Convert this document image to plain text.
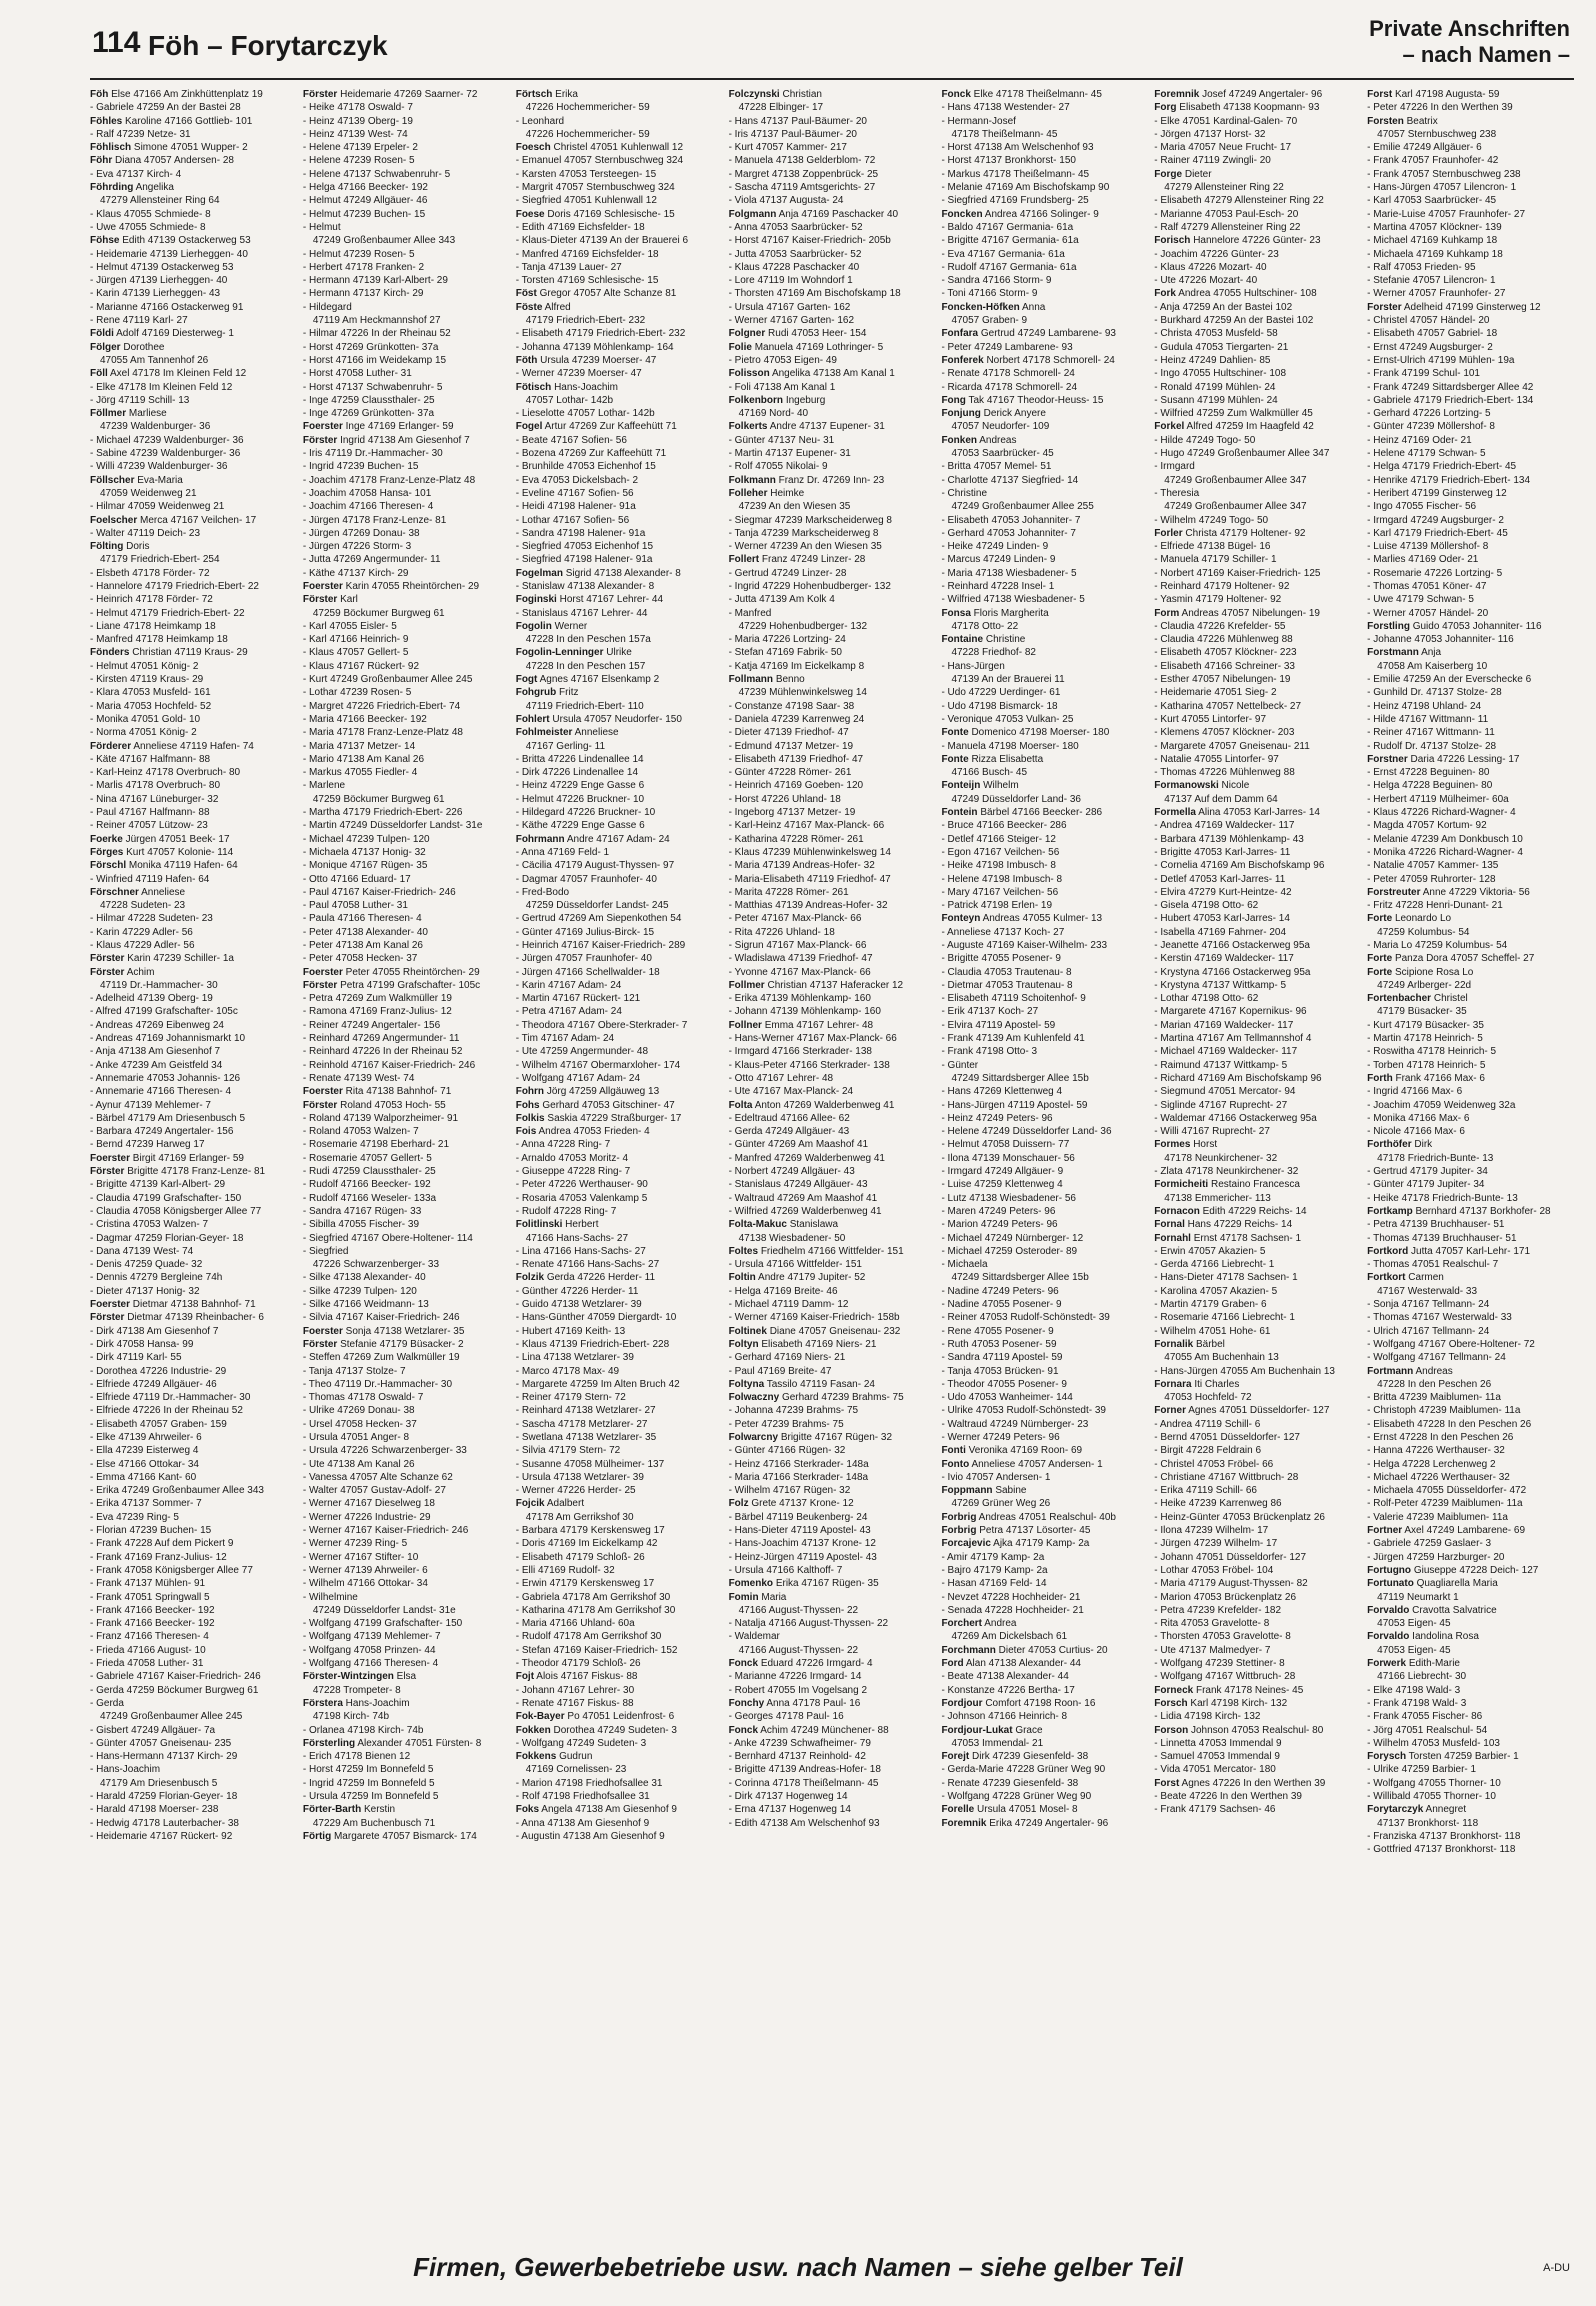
114 Föh – Forytarczyk
Private Anschriften
– nach Namen –
Föh Else 47166 Am Zinkhüttenplatz 19
- Gabriele 47259 An der Bastei 28
Föhles Karoline 47166 Gottlieb- 101
- Ralf 47239 Netze- 31
Föhlisch Simone 47051 Wupper- 2
Föhr Diana 47057 Andersen- 28
- Eva 47137 Kirch- 4
Föhrding Angelika
47279 Allensteiner Ring 64
- Klaus 47055 Schmiede- 8
- Uwe 47055 Schmiede- 8
Föhse Edith 47139 Ostackerweg 53
- Heidemarie 47139 Lierheggen- 40
- Helmut 47139 Ostackerweg 53
- Jürgen 47139 Lierheggen- 40
- Karin 47139 Lierheggen- 43
- Marianne 47166 Ostackerweg 91
- Rene 47119 Karl- 27
Földi Adolf 47169 Diesterweg- 1
Fölger Dorothee
47055 Am Tannenhof 26
Föll Axel 47178 Im Kleinen Feld 12
- Elke 47178 Im Kleinen Feld 12
- Jörg 47119 Schill- 13
Föllmer Marliese
47239 Waldenburger- 36
- Michael 47239 Waldenburger- 36
- Sabine 47239 Waldenburger- 36
- Willi 47239 Waldenburger- 36
Föllscher Eva-Maria
47059 Weidenweg 21
- Hilmar 47059 Weidenweg 21
Foelscher Merca 47167 Veilchen- 17
- Walter 47119 Deich- 23
Fölting Doris
47179 Friedrich-Ebert- 254
- Elsbeth 47178 Förder- 72
- Hannelore 47179 Friedrich-Ebert- 22
- Heinrich 47178 Förder- 72
- Helmut 47179 Friedrich-Ebert- 22
- Liane 47178 Heimkamp 18
- Manfred 47178 Heimkamp 18
Fönders Christian 47119 Kraus- 29
- Helmut 47051 König- 2
- Kirsten 47119 Kraus- 29
- Klara 47053 Musfeld- 161
- Maria 47053 Hochfeld- 52
- Monika 47051 Gold- 10
- Norma 47051 König- 2
Förderer Anneliese 47119 Hafen- 74
- Käte 47167 Halfmann- 88
- Karl-Heinz 47178 Overbruch- 80
- Marlis 47178 Overbruch- 80
- Nina 47167 Lüneburger- 32
- Paul 47167 Halfmann- 88
- Reiner 47057 Lützow- 23
Foerke Jürgen 47051 Beek- 17
Förges Kurt 47057 Kolonie- 114
Förschl Monika 47119 Hafen- 64
- Winfried 47119 Hafen- 64
Förschner Anneliese
47228 Sudeten- 23
- Hilmar 47228 Sudeten- 23
- Karin 47229 Adler- 56
- Klaus 47229 Adler- 56
Förster Karin 47239 Schiller- 1a
Förster Achim
47119 Dr.-Hammacher- 30
- Adelheid 47139 Oberg- 19
- Alfred 47199 Grafschafter- 105c
- Andreas 47269 Eibenweg 24
- Andreas 47169 Johannismarkt 10
- Anja 47138 Am Giesenhof 7
- Anke 47239 Am Geistfeld 34
- Annemarie 47053 Johannis- 126
- Annemarie 47166 Theresen- 4
- Aynur 47139 Mehlemer- 7
- Bärbel 47179 Am Driesenbusch 5
- Barbara 47249 Angertaler- 156
- Bernd 47239 Harweg 17
Foerster Birgit 47169 Erlanger- 59
Förster Brigitte 47178 Franz-Lenze- 81
- Brigitte 47139 Karl-Albert- 29
- Claudia 47199 Grafschafter- 150
- Claudia 47058 Königsberger Allee 77
- Cristina 47053 Walzen- 7
- Dagmar 47259 Florian-Geyer- 18
- Dana 47139 West- 74
- Denis 47259 Quade- 32
- Dennis 47279 Bergleine 74h
- Dieter 47137 Honig- 32
Foerster Dietmar 47138 Bahnhof- 71
Förster Dietmar 47139 Rheinbacher- 6
- Dirk 47138 Am Giesenhof 7
- Dirk 47058 Hansa- 99
- Dirk 47119 Karl- 55
- Dorothea 47226 Industrie- 29
- Elfriede 47249 Allgäuer- 46
- Elfriede 47119 Dr.-Hammacher- 30
- Elfriede 47226 In der Rheinau 52
- Elisabeth 47057 Graben- 159
- Elke 47139 Ahrweiler- 6
- Ella 47239 Eisterweg 4
- Else 47166 Ottokar- 34
- Emma 47166 Kant- 60
- Erika 47249 Großenbaumer Allee 343
- Erika 47137 Sommer- 7
- Eva 47239 Ring- 5
- Florian 47239 Buchen- 15
- Frank 47228 Auf dem Pickert 9
- Frank 47169 Franz-Julius- 12
- Frank 47058 Königsberger Allee 77
- Frank 47137 Mühlen- 91
- Frank 47051 Springwall 5
- Frank 47166 Beecker- 192
- Frank 47166 Beecker- 192
- Franz 47166 Theresen- 4
- Frieda 47166 August- 10
- Frieda 47058 Luther- 31
- Gabriele 47167 Kaiser-Friedrich- 246
- Gerda 47259 Böckumer Burgweg 61
- Gerda
47249 Großenbaumer Allee 245
- Gisbert 47249 Allgäuer- 7a
- Günter 47057 Gneisenau- 235
- Hans-Hermann 47137 Kirch- 29
- Hans-Joachim
47179 Am Driesenbusch 5
- Harald 47259 Florian-Geyer- 18
- Harald 47198 Moerser- 238
- Hedwig 47178 Lauterbacher- 38
- Heidemarie 47167 Rückert- 92
Förster Heidemarie 47269 Saarner- 72
- Heike 47178 Oswald- 7
- Heinz 47139 Oberg- 19
- Heinz 47139 West- 74
- Helene 47139 Erpeler- 2
- Helene 47239 Rosen- 5
- Helene 47137 Schwabenruhr- 5
- Helga 47166 Beecker- 192
- Helmut 47249 Allgäuer- 46
- Helmut 47239 Buchen- 15
- Helmut
47249 Großenbaumer Allee 343
- Helmut 47239 Rosen- 5
- Herbert 47178 Franken- 2
- Hermann 47139 Karl-Albert- 29
- Hermann 47137 Kirch- 29
- Hildegard
47119 Am Heckmannshof 27
- Hilmar 47226 In der Rheinau 52
- Horst 47269 Grünkotten- 37a
- Horst 47166 im Weidekamp 15
- Horst 47058 Luther- 31
- Horst 47137 Schwabenruhr- 5
- Inge 47259 Claussthaler- 25
- Inge 47269 Grünkotten- 37a
Foerster Inge 47169 Erlanger- 59
Förster Ingrid 47138 Am Giesenhof 7
- Iris 47119 Dr.-Hammacher- 30
- Ingrid 47239 Buchen- 15
- Joachim 47178 Franz-Lenze-Platz 48
- Joachim 47058 Hansa- 101
- Joachim 47166 Theresen- 4
- Jürgen 47178 Franz-Lenze- 81
- Jürgen 47269 Donau- 38
- Jürgen 47226 Storm- 3
- Jutta 47269 Angermunder- 11
- Käthe 47137 Kirch- 29
Foerster Karin 47055 Rheintörchen- 29
Förster Karl
47259 Böckumer Burgweg 61
- Karl 47055 Eisler- 5
- Karl 47166 Heinrich- 9
- Klaus 47057 Gellert- 5
- Klaus 47167 Rückert- 92
- Kurt 47249 Großenbaumer Allee 245
- Lothar 47239 Rosen- 5
- Margret 47226 Friedrich-Ebert- 74
- Maria 47166 Beecker- 192
- Maria 47178 Franz-Lenze-Platz 48
- Maria 47137 Metzer- 14
- Mario 47138 Am Kanal 26
- Markus 47055 Fiedler- 4
- Marlene
47259 Böckumer Burgweg 61
- Martha 47179 Friedrich-Ebert- 226
- Martin 47249 Düsseldorfer Landst- 31e
- Michael 47239 Tulpen- 120
- Michaela 47137 Honig- 32
- Monique 47167 Rügen- 35
- Otto 47166 Eduard- 17
- Paul 47167 Kaiser-Friedrich- 246
- Paul 47058 Luther- 31
- Paula 47166 Theresen- 4
- Peter 47138 Alexander- 40
- Peter 47138 Am Kanal 26
- Peter 47058 Hecken- 37
Foerster Peter 47055 Rheintörchen- 29
Förster Petra 47199 Grafschafter- 105c
- Petra 47269 Zum Walkmüller 19
- Ramona 47169 Franz-Julius- 12
- Reiner 47249 Angertaler- 156
- Reinhard 47269 Angermunder- 11
- Reinhard 47226 In der Rheinau 52
- Reinhold 47167 Kaiser-Friedrich- 246
- Renate 47139 West- 74
Foerster Rita 47138 Bahnhof- 71
Förster Roland 47053 Hoch- 55
- Roland 47139 Walporzheimer- 91
- Roland 47053 Walzen- 7
- Rosemarie 47198 Eberhard- 21
- Rosemarie 47057 Gellert- 5
- Rudi 47259 Claussthaler- 25
- Rudolf 47166 Beecker- 192
- Rudolf 47166 Weseler- 133a
- Sandra 47167 Rügen- 33
- Sibilla 47055 Fischer- 39
- Siegfried 47167 Obere-Holtener- 114
- Siegfried
47226 Schwarzenberger- 33
- Silke 47138 Alexander- 40
- Silke 47239 Tulpen- 120
- Silke 47166 Weidmann- 13
- Silvia 47167 Kaiser-Friedrich- 246
Foerster Sonja 47138 Wetzlarer- 35
Förster Stefanie 47179 Büsacker- 2
- Steffen 47269 Zum Walkmüller 19
- Tanja 47137 Stolze- 7
- Theo 47119 Dr.-Hammacher- 30
- Thomas 47178 Oswald- 7
- Ulrike 47269 Donau- 38
- Ursel 47058 Hecken- 37
- Ursula 47051 Anger- 8
- Ursula 47226 Schwarzenberger- 33
- Ute 47138 Am Kanal 26
- Vanessa 47057 Alte Schanze 62
- Walter 47057 Gustav-Adolf- 27
- Werner 47167 Dieselweg 18
- Werner 47226 Industrie- 29
- Werner 47167 Kaiser-Friedrich- 246
- Werner 47239 Ring- 5
- Werner 47167 Stifter- 10
- Werner 47139 Ahrweiler- 6
- Wilhelm 47166 Ottokar- 34
- Wilhelmine
47249 Düsseldorfer Landst- 31e
- Wolfgang 47199 Grafschafter- 150
- Wolfgang 47139 Mehlemer- 7
- Wolfgang 47058 Prinzen- 44
- Wolfgang 47166 Theresen- 4
Förster-Wintzingen Elsa
47228 Trompeter- 8
Förstera Hans-Joachim
47198 Kirch- 74b
- Orlanea 47198 Kirch- 74b
Försterling Alexander 47051 Fürsten- 8
- Erich 47178 Bienen 12
- Horst 47259 Im Bonnefeld 5
- Ingrid 47259 Im Bonnefeld 5
- Ursula 47259 Im Bonnefeld 5
Förter-Barth Kerstin
47229 Am Buchenbusch 71
Förtig Margarete 47057 Bismarck- 174
Förtsch Erika
47226 Hochemmericher- 59
- Leonhard
47226 Hochemmericher- 59
Foesch Christel 47051 Kuhlenwall 12
- Emanuel 47057 Sternbuschweg 324
- Karsten 47053 Tersteegen- 15
- Margrit 47057 Sternbuschweg 324
- Siegfried 47051 Kuhlenwall 12
Foese Doris 47169 Schlesische- 15
- Edith 47169 Eichsfelder- 18
- Klaus-Dieter 47139 An der Brauerei 6
- Manfred 47169 Eichsfelder- 18
- Tanja 47139 Lauer- 27
- Torsten 47169 Schlesische- 15
Föst Gregor 47057 Alte Schanze 81
Föste Alfred
47179 Friedrich-Ebert- 232
- Elisabeth 47179 Friedrich-Ebert- 232
- Johanna 47139 Möhlenkamp- 164
Föth Ursula 47239 Moerser- 47
- Werner 47239 Moerser- 47
Fötisch Hans-Joachim
47057 Lothar- 142b
- Lieselotte 47057 Lothar- 142b
Fogel Artur 47269 Zur Kaffeehütt 71
- Beate 47167 Sofien- 56
- Bozena 47269 Zur Kaffeehütt 71
- Brunhilde 47053 Eichenhof 15
- Eva 47053 Dickelsbach- 2
- Eveline 47167 Sofien- 56
- Heidi 47198 Halener- 91a
- Lothar 47167 Sofien- 56
- Sandra 47198 Halener- 91a
- Siegfried 47053 Eichenhof 15
- Siegfried 47198 Halener- 91a
Fogelman Sigrid 47138 Alexander- 8
- Stanislaw 47138 Alexander- 8
Foginski Horst 47167 Lehrer- 44
- Stanislaus 47167 Lehrer- 44
Fogolin Werner
47228 In den Peschen 157a
Fogolin-Lenninger Ulrike
47228 In den Peschen 157
Fogt Agnes 47167 Elsenkamp 2
Fohgrub Fritz
47119 Friedrich-Ebert- 110
Fohlert Ursula 47057 Neudorfer- 150
Fohlmeister Anneliese
47167 Gerling- 11
- Britta 47226 Lindenallee 14
- Dirk 47226 Lindenallee 14
- Heinz 47229 Enge Gasse 6
- Helmut 47226 Bruckner- 10
- Hildegard 47226 Bruckner- 10
- Käthe 47229 Enge Gasse 6
Fohrmann Andre 47167 Adam- 24
- Anna 47169 Feld- 1
- Cäcilia 47179 August-Thyssen- 97
- Dagmar 47057 Fraunhofer- 40
- Fred-Bodo
47259 Düsseldorfer Landst- 245
- Gertrud 47269 Am Siepenkothen 54
- Günter 47169 Julius-Birck- 15
- Heinrich 47167 Kaiser-Friedrich- 289
- Jürgen 47057 Fraunhofer- 40
- Jürgen 47166 Schellwalder- 18
- Karin 47167 Adam- 24
- Martin 47167 Rückert- 121
- Petra 47167 Adam- 24
- Theodora 47167 Obere-Sterkrader- 7
- Tim 47167 Adam- 24
- Ute 47259 Angermunder- 48
- Wilhelm 47167 Obermarxloher- 174
- Wolfgang 47167 Adam- 24
Fohrn Jörg 47259 Allgäuweg 13
Fohs Gerhard 47053 Gitschiner- 47
Folkis Saskia 47229 Straßburger- 17
Fois Andrea 47053 Frieden- 4
- Anna 47228 Ring- 7
- Arnaldo 47053 Moritz- 4
- Giuseppe 47228 Ring- 7
- Peter 47226 Werthauser- 90
- Rosaria 47053 Valenkamp 5
- Rudolf 47228 Ring- 7
Folitlinski Herbert
47166 Hans-Sachs- 27
- Lina 47166 Hans-Sachs- 27
- Renate 47166 Hans-Sachs- 27
Folzik Gerda 47226 Herder- 11
- Günther 47226 Herder- 11
- Guido 47138 Wetzlarer- 39
- Hans-Günther 47059 Diergardt- 10
- Hubert 47169 Keith- 13
- Klaus 47139 Friedrich-Ebert- 228
- Lina 47138 Wetzlarer- 39
- Marco 47178 Max- 49
- Margarete 47259 Im Alten Bruch 42
- Reiner 47179 Stern- 72
- Reinhard 47138 Wetzlarer- 27
- Sascha 47178 Metzlarer- 27
- Swetlana 47138 Wetzlarer- 35
- Silvia 47179 Stern- 72
- Susanne 47058 Mülheimer- 137
- Ursula 47138 Wetzlarer- 39
- Werner 47226 Herder- 25
Fojcik Adalbert
47178 Am Gerrikshof 30
- Barbara 47179 Kerskensweg 17
- Doris 47169 Im Eickelkamp 42
- Elisabeth 47179 Schloß- 26
- Elli 47169 Rudolf- 32
- Erwin 47179 Kerskensweg 17
- Gabriela 47178 Am Gerrikshof 30
- Katharina 47178 Am Gerrikshof 30
- Maria 47166 Uhland- 60a
- Rudolf 47178 Am Gerrikshof 30
- Stefan 47169 Kaiser-Friedrich- 152
- Theodor 47179 Schloß- 26
Fojt Alois 47167 Fiskus- 88
- Johann 47167 Lehrer- 30
- Renate 47167 Fiskus- 88
Fok-Bayer Po 47051 Leidenfrost- 6
Fokken Dorothea 47249 Sudeten- 3
- Wolfgang 47249 Sudeten- 3
Fokkens Gudrun
47169 Cornelissen- 23
- Marion 47198 Friedhofsallee 31
- Rolf 47198 Friedhofsallee 31
Foks Angela 47138 Am Giesenhof 9
- Anna 47138 Am Giesenhof 9
- Augustin 47138 Am Giesenhof 9
Folczynski Christian
47228 Elbinger- 17
- Hans 47137 Paul-Bäumer- 20
- Iris 47137 Paul-Bäumer- 20
- Kurt 47057 Kammer- 217
- Manuela 47138 Gelderblom- 72
- Margret 47138 Zoppenbrück- 25
- Sascha 47119 Amtsgerichts- 27
- Viola 47137 Augusta- 24
Folgmann Anja 47169 Paschacker 40
- Anna 47053 Saarbrücker- 52
- Horst 47167 Kaiser-Friedrich- 205b
- Jutta 47053 Saarbrücker- 52
- Klaus 47228 Paschacker 40
- Lore 47119 Im Wohndorf 1
- Thorsten 47169 Am Bischofskamp 18
- Ursula 47167 Garten- 162
- Werner 47167 Garten- 162
Folgner Rudi 47053 Heer- 154
Folie Manuela 47169 Lothringer- 5
- Pietro 47053 Eigen- 49
Folisson Angelika 47138 Am Kanal 1
- Foli 47138 Am Kanal 1
Folkenborn Ingeburg
47169 Nord- 40
Folkerts Andre 47137 Eupener- 31
- Günter 47137 Neu- 31
- Martin 47137 Eupener- 31
- Rolf 47055 Nikolai- 9
Folkmann Franz Dr. 47269 Inn- 23
Folleher Heimke
47239 An den Wiesen 35
- Siegmar 47239 Markscheiderweg 8
- Tanja 47239 Markscheiderweg 8
- Werner 47239 An den Wiesen 35
Follert Franz 47249 Linzer- 28
- Gertrud 47249 Linzer- 28
- Ingrid 47229 Hohenbudberger- 132
- Jutta 47139 Am Kolk 4
- Manfred
47229 Hohenbudberger- 132
- Maria 47226 Lortzing- 24
- Stefan 47169 Fabrik- 50
- Katja 47169 Im Eickelkamp 8
Follmann Benno
47239 Mühlenwinkelsweg 14
- Constanze 47198 Saar- 38
- Daniela 47239 Karrenweg 24
- Dieter 47139 Friedhof- 47
- Edmund 47137 Metzer- 19
- Elisabeth 47139 Friedhof- 47
- Günter 47228 Römer- 261
- Heinrich 47169 Goeben- 120
- Horst 47226 Uhland- 18
- Ingeborg 47137 Metzer- 19
- Karl-Heinz 47167 Max-Planck- 66
- Katharina 47228 Römer- 261
- Klaus 47239 Mühlenwinkelsweg 14
- Maria 47139 Andreas-Hofer- 32
- Maria-Elisabeth 47119 Friedhof- 47
- Marita 47228 Römer- 261
- Matthias 47139 Andreas-Hofer- 32
- Peter 47167 Max-Planck- 66
- Rita 47226 Uhland- 18
- Sigrun 47167 Max-Planck- 66
- Wladislawa 47139 Friedhof- 47
- Yvonne 47167 Max-Planck- 66
Follmer Christian 47137 Haferacker 12
- Erika 47139 Möhlenkamp- 160
- Johann 47139 Möhlenkamp- 160
Follner Emma 47167 Lehrer- 48
- Hans-Werner 47167 Max-Planck- 66
- Irmgard 47166 Sterkrader- 138
- Klaus-Peter 47166 Sterkrader- 138
- Otto 47167 Lehrer- 48
- Ute 47167 Max-Planck- 24
Folta Anton 47269 Walderbenweg 41
- Edeltraud 47166 Allee- 62
- Gerda 47249 Allgäuer- 43
- Günter 47269 Am Maashof 41
- Manfred 47269 Walderbenweg 41
- Norbert 47249 Allgäuer- 43
- Stanislaus 47249 Allgäuer- 43
- Waltraud 47269 Am Maashof 41
- Wilfried 47269 Walderbenweg 41
Folta-Makuc Stanislawa
47138 Wiesbadener- 50
Foltes Friedhelm 47166 Wittfelder- 151
- Ursula 47166 Wittfelder- 151
Foltin Andre 47179 Jupiter- 52
- Helga 47169 Breite- 46
- Michael 47119 Damm- 12
- Werner 47169 Kaiser-Friedrich- 158b
Foltinek Diane 47057 Gneisenau- 232
Foltyn Elisabeth 47169 Niers- 21
- Gerhard 47169 Niers- 21
- Paul 47169 Breite- 47
Foltyna Tassilo 47119 Fasan- 24
Folwaczny Gerhard 47239 Brahms- 75
- Johanna 47239 Brahms- 75
- Peter 47239 Brahms- 75
Folwarcny Brigitte 47167 Rügen- 32
- Günter 47166 Rügen- 32
- Heinz 47166 Sterkrader- 148a
- Maria 47166 Sterkrader- 148a
- Wilhelm 47167 Rügen- 32
Folz Grete 47137 Krone- 12
- Bärbel 47119 Beukenberg- 24
- Hans-Dieter 47119 Apostel- 43
- Hans-Joachim 47137 Krone- 12
- Heinz-Jürgen 47119 Apostel- 43
- Ursula 47166 Kalthoff- 7
Fomenko Erika 47167 Rügen- 35
Fomin Maria
47166 August-Thyssen- 22
- Natalja 47166 August-Thyssen- 22
- Waldemar
47166 August-Thyssen- 22
Fonck Eduard 47226 Irmgard- 4
- Marianne 47226 Irmgard- 14
- Robert 47055 Im Vogelsang 2
Fonchy Anna 47178 Paul- 16
- Georges 47178 Paul- 16
Fonck Achim 47249 Münchener- 88
- Anke 47239 Schwafheimer- 79
- Bernhard 47137 Reinhold- 42
- Brigitte 47139 Andreas-Hofer- 18
- Corinna 47178 Theißelmann- 45
- Dirk 47137 Hogenweg 14
- Erna 47137 Hogenweg 14
- Edith 47138 Am Welschenhof 93
Fonck Elke 47178 Theißelmann- 45
- Hans 47138 Westender- 27
- Hermann-Josef
47178 Theißelmann- 45
- Horst 47138 Am Welschenhof 93
- Horst 47137 Bronkhorst- 150
- Markus 47178 Theißelmann- 45
- Melanie 47169 Am Bischofskamp 90
- Siegfried 47169 Frundsberg- 25
Foncken Andrea 47166 Solinger- 9
- Baldo 47167 Germania- 61a
- Brigitte 47167 Germania- 61a
- Eva 47167 Germania- 61a
- Rudolf 47167 Germania- 61a
- Sandra 47166 Storm- 9
- Toni 47166 Storm- 9
Foncken-Höfken Anna
47057 Graben- 9
Fonfara Gertrud 47249 Lambarene- 93
- Peter 47249 Lambarene- 93
Fonferek Norbert 47178 Schmorell- 24
- Renate 47178 Schmorell- 24
- Ricarda 47178 Schmorell- 24
Fong Tak 47167 Theodor-Heuss- 15
Fonjung Derick Anyere
47057 Neudorfer- 109
Fonken Andreas
47053 Saarbrücker- 45
- Britta 47057 Memel- 51
- Charlotte 47137 Siegfried- 14
- Christine
47249 Großenbaumer Allee 255
- Elisabeth 47053 Johanniter- 7
- Gerhard 47053 Johanniter- 7
- Heike 47249 Linden- 9
- Marcus 47249 Linden- 9
- Maria 47138 Wiesbadener- 5
- Reinhard 47228 Insel- 1
- Wilfried 47138 Wiesbadener- 5
Fonsa Floris Margherita
47178 Otto- 22
Fontaine Christine
47228 Friedhof- 82
- Hans-Jürgen
47139 An der Brauerei 11
- Udo 47229 Uerdinger- 61
- Udo 47198 Bismarck- 18
- Veronique 47053 Vulkan- 25
Fonte Domenico 47198 Moerser- 180
- Manuela 47198 Moerser- 180
Fonte Rizza Elisabetta
47166 Busch- 45
Fonteijn Wilhelm
47249 Düsseldorfer Land- 36
Fontein Bärbel 47166 Beecker- 286
- Bruce 47166 Beecker- 286
- Detlef 47166 Steiger- 12
- Egon 47167 Veilchen- 56
- Heike 47198 Imbusch- 8
- Helene 47198 Imbusch- 8
- Mary 47167 Veilchen- 56
- Patrick 47198 Erlen- 19
Fonteyn Andreas 47055 Kulmer- 13
- Anneliese 47137 Koch- 27
- Auguste 47169 Kaiser-Wilhelm- 233
- Brigitte 47055 Posener- 9
- Claudia 47053 Trautenau- 8
- Dietmar 47053 Trautenau- 8
- Elisabeth 47119 Schoitenhof- 9
- Erik 47137 Koch- 27
- Elvira 47119 Apostel- 59
- Frank 47139 Am Kuhlenfeld 41
- Frank 47198 Otto- 3
- Günter
47249 Sittardsberger Allee 15b
- Hans 47269 Klettenweg 4
- Hans-Jürgen 47119 Apostel- 59
- Heinz 47249 Peters- 96
- Helene 47249 Düsseldorfer Land- 36
- Helmut 47058 Duissern- 77
- Ilona 47139 Monschauer- 56
- Irmgard 47249 Allgäuer- 9
- Luise 47259 Klettenweg 4
- Lutz 47138 Wiesbadener- 56
- Maren 47249 Peters- 96
- Marion 47249 Peters- 96
- Michael 47249 Nürnberger- 12
- Michael 47259 Osteroder- 89
- Michaela
47249 Sittardsberger Allee 15b
- Nadine 47249 Peters- 96
- Nadine 47055 Posener- 9
- Reiner 47053 Rudolf-Schönstedt- 39
- Rene 47055 Posener- 9
- Ruth 47053 Posener- 59
- Sandra 47119 Apostel- 59
- Tanja 47053 Brücken- 91
- Theodor 47055 Posener- 9
- Udo 47053 Wanheimer- 144
- Ulrike 47053 Rudolf-Schönstedt- 39
- Waltraud 47249 Nürnberger- 23
- Werner 47249 Peters- 96
Fonti Veronika 47169 Roon- 69
Fonto Anneliese 47057 Andersen- 1
- Ivio 47057 Andersen- 1
Foppmann Sabine
47269 Grüner Weg 26
Forbrig Andreas 47051 Realschul- 40b
Forbrig Petra 47137 Lösorter- 45
Forcajevic Ajka 47179 Kamp- 2a
- Amir 47179 Kamp- 2a
- Bajro 47179 Kamp- 2a
- Hasan 47169 Feld- 14
- Nevzet 47228 Hochheider- 21
- Senada 47228 Hochheider- 21
Forchert Andrea
47269 Am Dickelsbach 61
Forchmann Dieter 47053 Curtius- 20
Ford Alan 47138 Alexander- 44
- Beate 47138 Alexander- 44
- Konstanze 47226 Bertha- 17
Fordjour Comfort 47198 Roon- 16
- Johnson 47166 Heinrich- 8
Fordjour-Lukat Grace
47053 Immendal- 21
Forejt Dirk 47239 Giesenfeld- 38
- Gerda-Marie 47228 Grüner Weg 90
- Renate 47239 Giesenfeld- 38
- Wolfgang 47228 Grüner Weg 90
Forelle Ursula 47051 Mosel- 8
Foremnik Erika 47249 Angertaler- 96
Foremnik Josef 47249 Angertaler- 96
Forg Elisabeth 47138 Koopmann- 93
- Elke 47051 Kardinal-Galen- 70
- Jörgen 47137 Horst- 32
- Maria 47057 Neue Frucht- 17
- Rainer 47119 Zwingli- 20
Forge Dieter
47279 Allensteiner Ring 22
- Elisabeth 47279 Allensteiner Ring 22
- Marianne 47053 Paul-Esch- 20
- Ralf 47279 Allensteiner Ring 22
Forisch Hannelore 47226 Günter- 23
- Joachim 47226 Günter- 23
- Klaus 47226 Mozart- 40
- Ute 47226 Mozart- 40
Fork Andrea 47055 Hultschiner- 108
- Anja 47259 An der Bastei 102
- Burkhard 47259 An der Bastei 102
- Christa 47053 Musfeld- 58
- Gudula 47053 Tiergarten- 21
- Heinz 47249 Dahlien- 85
- Ingo 47055 Hultschiner- 108
- Ronald 47199 Mühlen- 24
- Susann 47199 Mühlen- 24
- Wilfried 47259 Zum Walkmüller 45
Forkel Alfred 47259 Im Haagfeld 42
- Hilde 47249 Togo- 50
- Hugo 47249 Großenbaumer Allee 347
- Irmgard
47249 Großenbaumer Allee 347
- Theresia
47249 Großenbaumer Allee 347
- Wilhelm 47249 Togo- 50
Forler Christa 47179 Holtener- 92
- Elfriede 47138 Bügel- 16
- Manuela 47179 Schiller- 1
- Norbert 47169 Kaiser-Friedrich- 125
- Reinhard 47179 Holtener- 92
- Yasmin 47179 Holtener- 92
Form Andreas 47057 Nibelungen- 19
- Claudia 47226 Krefelder- 55
- Claudia 47226 Mühlenweg 88
- Elisabeth 47057 Klöckner- 223
- Elisabeth 47166 Schreiner- 33
- Esther 47057 Nibelungen- 19
- Heidemarie 47051 Sieg- 2
- Katharina 47057 Nettelbeck- 27
- Kurt 47055 Lintorfer- 97
- Klemens 47057 Klöckner- 203
- Margarete 47057 Gneisenau- 211
- Natalie 47055 Lintorfer- 97
- Thomas 47226 Mühlenweg 88
Formanowski Nicole
47137 Auf dem Damm 64
Formella Alina 47053 Karl-Jarres- 14
- Andrea 47169 Waldecker- 117
- Barbara 47139 Möhlenkamp- 43
- Brigitte 47053 Karl-Jarres- 11
- Cornelia 47169 Am Bischofskamp 96
- Detlef 47053 Karl-Jarres- 11
- Elvira 47279 Kurt-Heintze- 42
- Gisela 47198 Otto- 62
- Hubert 47053 Karl-Jarres- 14
- Isabella 47169 Fahrner- 204
- Jeanette 47166 Ostackerweg 95a
- Kerstin 47169 Waldecker- 117
- Krystyna 47166 Ostackerweg 95a
- Krystyna 47137 Wittkamp- 5
- Lothar 47198 Otto- 62
- Margarete 47167 Kopernikus- 96
- Marian 47169 Waldecker- 117
- Martina 47167 Am Tellmannshof 4
- Michael 47169 Waldecker- 117
- Raimund 47137 Wittkamp- 5
- Richard 47169 Am Bischofskamp 96
- Siegmund 47051 Mercator- 94
- Siglinde 47167 Ruprecht- 27
- Waldemar 47166 Ostackerweg 95a
- Willi 47167 Ruprecht- 27
Formes Horst
47178 Neunkirchener- 32
- Zlata 47178 Neunkirchener- 32
Formicheiti Restaino Francesca
47138 Emmericher- 113
Fornacon Edith 47229 Reichs- 14
Fornal Hans 47229 Reichs- 14
Fornahl Ernst 47178 Sachsen- 1
- Erwin 47057 Akazien- 5
- Gerda 47166 Liebrecht- 1
- Hans-Dieter 47178 Sachsen- 1
- Karolina 47057 Akazien- 5
- Martin 47179 Graben- 6
- Rosemarie 47166 Liebrecht- 1
- Wilhelm 47051 Hohe- 61
Fornalik Bärbel
47055 Am Buchenhain 13
- Hans-Jürgen 47055 Am Buchenhain 13
Fornara Iti Charles
47053 Hochfeld- 72
Forner Agnes 47051 Düsseldorfer- 127
- Andrea 47119 Schill- 6
- Bernd 47051 Düsseldorfer- 127
- Birgit 47228 Feldrain 6
- Christel 47053 Fröbel- 66
- Christiane 47167 Wittbruch- 28
- Erika 47119 Schill- 66
- Heike 47239 Karrenweg 86
- Heinz-Günter 47053 Brückenplatz 26
- Ilona 47239 Wilhelm- 17
- Jürgen 47239 Wilhelm- 17
- Johann 47051 Düsseldorfer- 127
- Lothar 47053 Fröbel- 104
- Maria 47179 August-Thyssen- 82
- Marion 47053 Brückenplatz 26
- Petra 47239 Krefelder- 182
- Rita 47053 Gravelotte- 8
- Thorsten 47053 Gravelotte- 8
- Ute 47137 Malmedyer- 7
- Wolfgang 47239 Stettiner- 8
- Wolfgang 47167 Wittbruch- 28
Forneck Frank 47178 Neines- 45
Forsch Karl 47198 Kirch- 132
- Lidia 47198 Kirch- 132
Forson Johnson 47053 Realschul- 80
- Linnetta 47053 Immendal 9
- Samuel 47053 Immendal 9
- Vida 47051 Mercator- 180
Forst Agnes 47226 In den Werthen 39
- Beate 47226 In den Werthen 39
- Frank 47179 Sachsen- 46
Forst Karl 47198 Augusta- 59
- Peter 47226 In den Werthen 39
Forsten Beatrix
47057 Sternbuschweg 238
- Emilie 47249 Allgäuer- 6
- Frank 47057 Fraunhofer- 42
- Frank 47057 Sternbuschweg 238
- Hans-Jürgen 47057 Lilencron- 1
- Karl 47053 Saarbrücker- 45
- Marie-Luise 47057 Fraunhofer- 27
- Martina 47057 Klöckner- 139
- Michael 47169 Kuhkamp 18
- Michaela 47169 Kuhkamp 18
- Ralf 47053 Frieden- 95
- Stefanie 47057 Lilencron- 1
- Werner 47057 Fraunhofer- 27
Forster Adelheid 47199 Ginsterweg 12
- Christel 47057 Händel- 20
- Elisabeth 47057 Gabriel- 18
- Ernst 47249 Augsburger- 2
- Ernst-Ulrich 47199 Mühlen- 19a
- Frank 47199 Schul- 101
- Frank 47249 Sittardsberger Allee 42
- Gabriele 47179 Friedrich-Ebert- 134
- Gerhard 47226 Lortzing- 5
- Günter 47239 Möllershof- 8
- Heinz 47169 Oder- 21
- Helene 47179 Schwan- 5
- Helga 47179 Friedrich-Ebert- 45
- Henrike 47179 Friedrich-Ebert- 134
- Heribert 47199 Ginsterweg 12
- Ingo 47055 Fischer- 56
- Irmgard 47249 Augsburger- 2
- Karl 47179 Friedrich-Ebert- 45
- Luise 47139 Möllershof- 8
- Marlies 47169 Oder- 21
- Rosemarie 47226 Lortzing- 5
- Thomas 47051 Köner- 47
- Uwe 47179 Schwan- 5
- Werner 47057 Händel- 20
Forstling Guido 47053 Johanniter- 116
- Johanne 47053 Johanniter- 116
Forstmann Anja
47058 Am Kaiserberg 10
- Emilie 47259 An der Everschecke 6
- Gunhild Dr. 47137 Stolze- 28
- Heinz 47198 Uhland- 24
- Hilde 47167 Wittmann- 11
- Reiner 47167 Wittmann- 11
- Rudolf Dr. 47137 Stolze- 28
Forstner Daria 47226 Lessing- 17
- Ernst 47228 Beguinen- 80
- Helga 47228 Beguinen- 80
- Herbert 47119 Mülheimer- 60a
- Klaus 47226 Richard-Wagner- 4
- Magda 47057 Kortum- 92
- Melanie 47239 Am Donkbusch 10
- Monika 47226 Richard-Wagner- 4
- Natalie 47057 Kammer- 135
- Peter 47059 Ruhrorter- 128
Forstreuter Anne 47229 Viktoria- 56
- Fritz 47228 Henri-Dunant- 21
Forte Leonardo Lo
47259 Kolumbus- 54
- Maria Lo 47259 Kolumbus- 54
Forte Panza Dora 47057 Scheffel- 27
Forte Scipione Rosa Lo
47249 Arlberger- 22d
Fortenbacher Christel
47179 Büsacker- 35
- Kurt 47179 Büsacker- 35
- Martin 47178 Heinrich- 5
- Roswitha 47178 Heinrich- 5
- Torben 47178 Heinrich- 5
Forth Frank 47166 Max- 6
- Ingrid 47166 Max- 6
- Joachim 47059 Weidenweg 32a
- Monika 47166 Max- 6
- Nicole 47166 Max- 6
Forthöfer Dirk
47178 Friedrich-Bunte- 13
- Gertrud 47179 Jupiter- 34
- Günter 47179 Jupiter- 34
- Heike 47178 Friedrich-Bunte- 13
Fortkamp Bernhard 47137 Borkhofer- 28
- Petra 47139 Bruchhauser- 51
- Thomas 47139 Bruchhauser- 51
Fortkord Jutta 47057 Karl-Lehr- 171
- Thomas 47051 Realschul- 7
Fortkort Carmen
47167 Westerwald- 33
- Sonja 47167 Tellmann- 24
- Thomas 47167 Westerwald- 33
- Ulrich 47167 Tellmann- 24
- Wolfgang 47167 Obere-Holtener- 72
- Wolfgang 47167 Tellmann- 24
Fortmann Andreas
47228 In den Peschen 26
- Britta 47239 Maiblumen- 11a
- Christoph 47239 Maiblumen- 11a
- Elisabeth 47228 In den Peschen 26
- Ernst 47228 In den Peschen 26
- Hanna 47226 Werthauser- 32
- Helga 47228 Lerchenweg 2
- Michael 47226 Werthauser- 32
- Michaela 47055 Düsseldorfer- 472
- Rolf-Peter 47239 Maiblumen- 11a
- Valerie 47239 Maiblumen- 11a
Fortner Axel 47249 Lambarene- 69
- Gabriele 47259 Gaslaer- 3
- Jürgen 47259 Harzburger- 20
Fortugno Giuseppe 47228 Deich- 127
Fortunato Quagliarella Maria
47119 Neumarkt 1
Forvaldo Cravotta Salvatrice
47053 Eigen- 45
Forvaldo Iandolina Rosa
47053 Eigen- 45
Forwerk Edith-Marie
47166 Liebrecht- 30
- Elke 47198 Wald- 3
- Frank 47198 Wald- 3
- Frank 47055 Fischer- 86
- Jörg 47051 Realschul- 54
- Wilhelm 47053 Musfeld- 103
Forysch Torsten 47259 Barbier- 1
- Ulrike 47259 Barbier- 1
- Wolfgang 47055 Thorner- 10
- Willibald 47055 Thorner- 10
Forytarczyk Annegret
47137 Bronkhorst- 118
- Franziska 47137 Bronkhorst- 118
- Gottfried 47137 Bronkhorst- 118
Firmen, Gewerbebetriebe usw. nach Namen – siehe gelber Teil	A-DU
